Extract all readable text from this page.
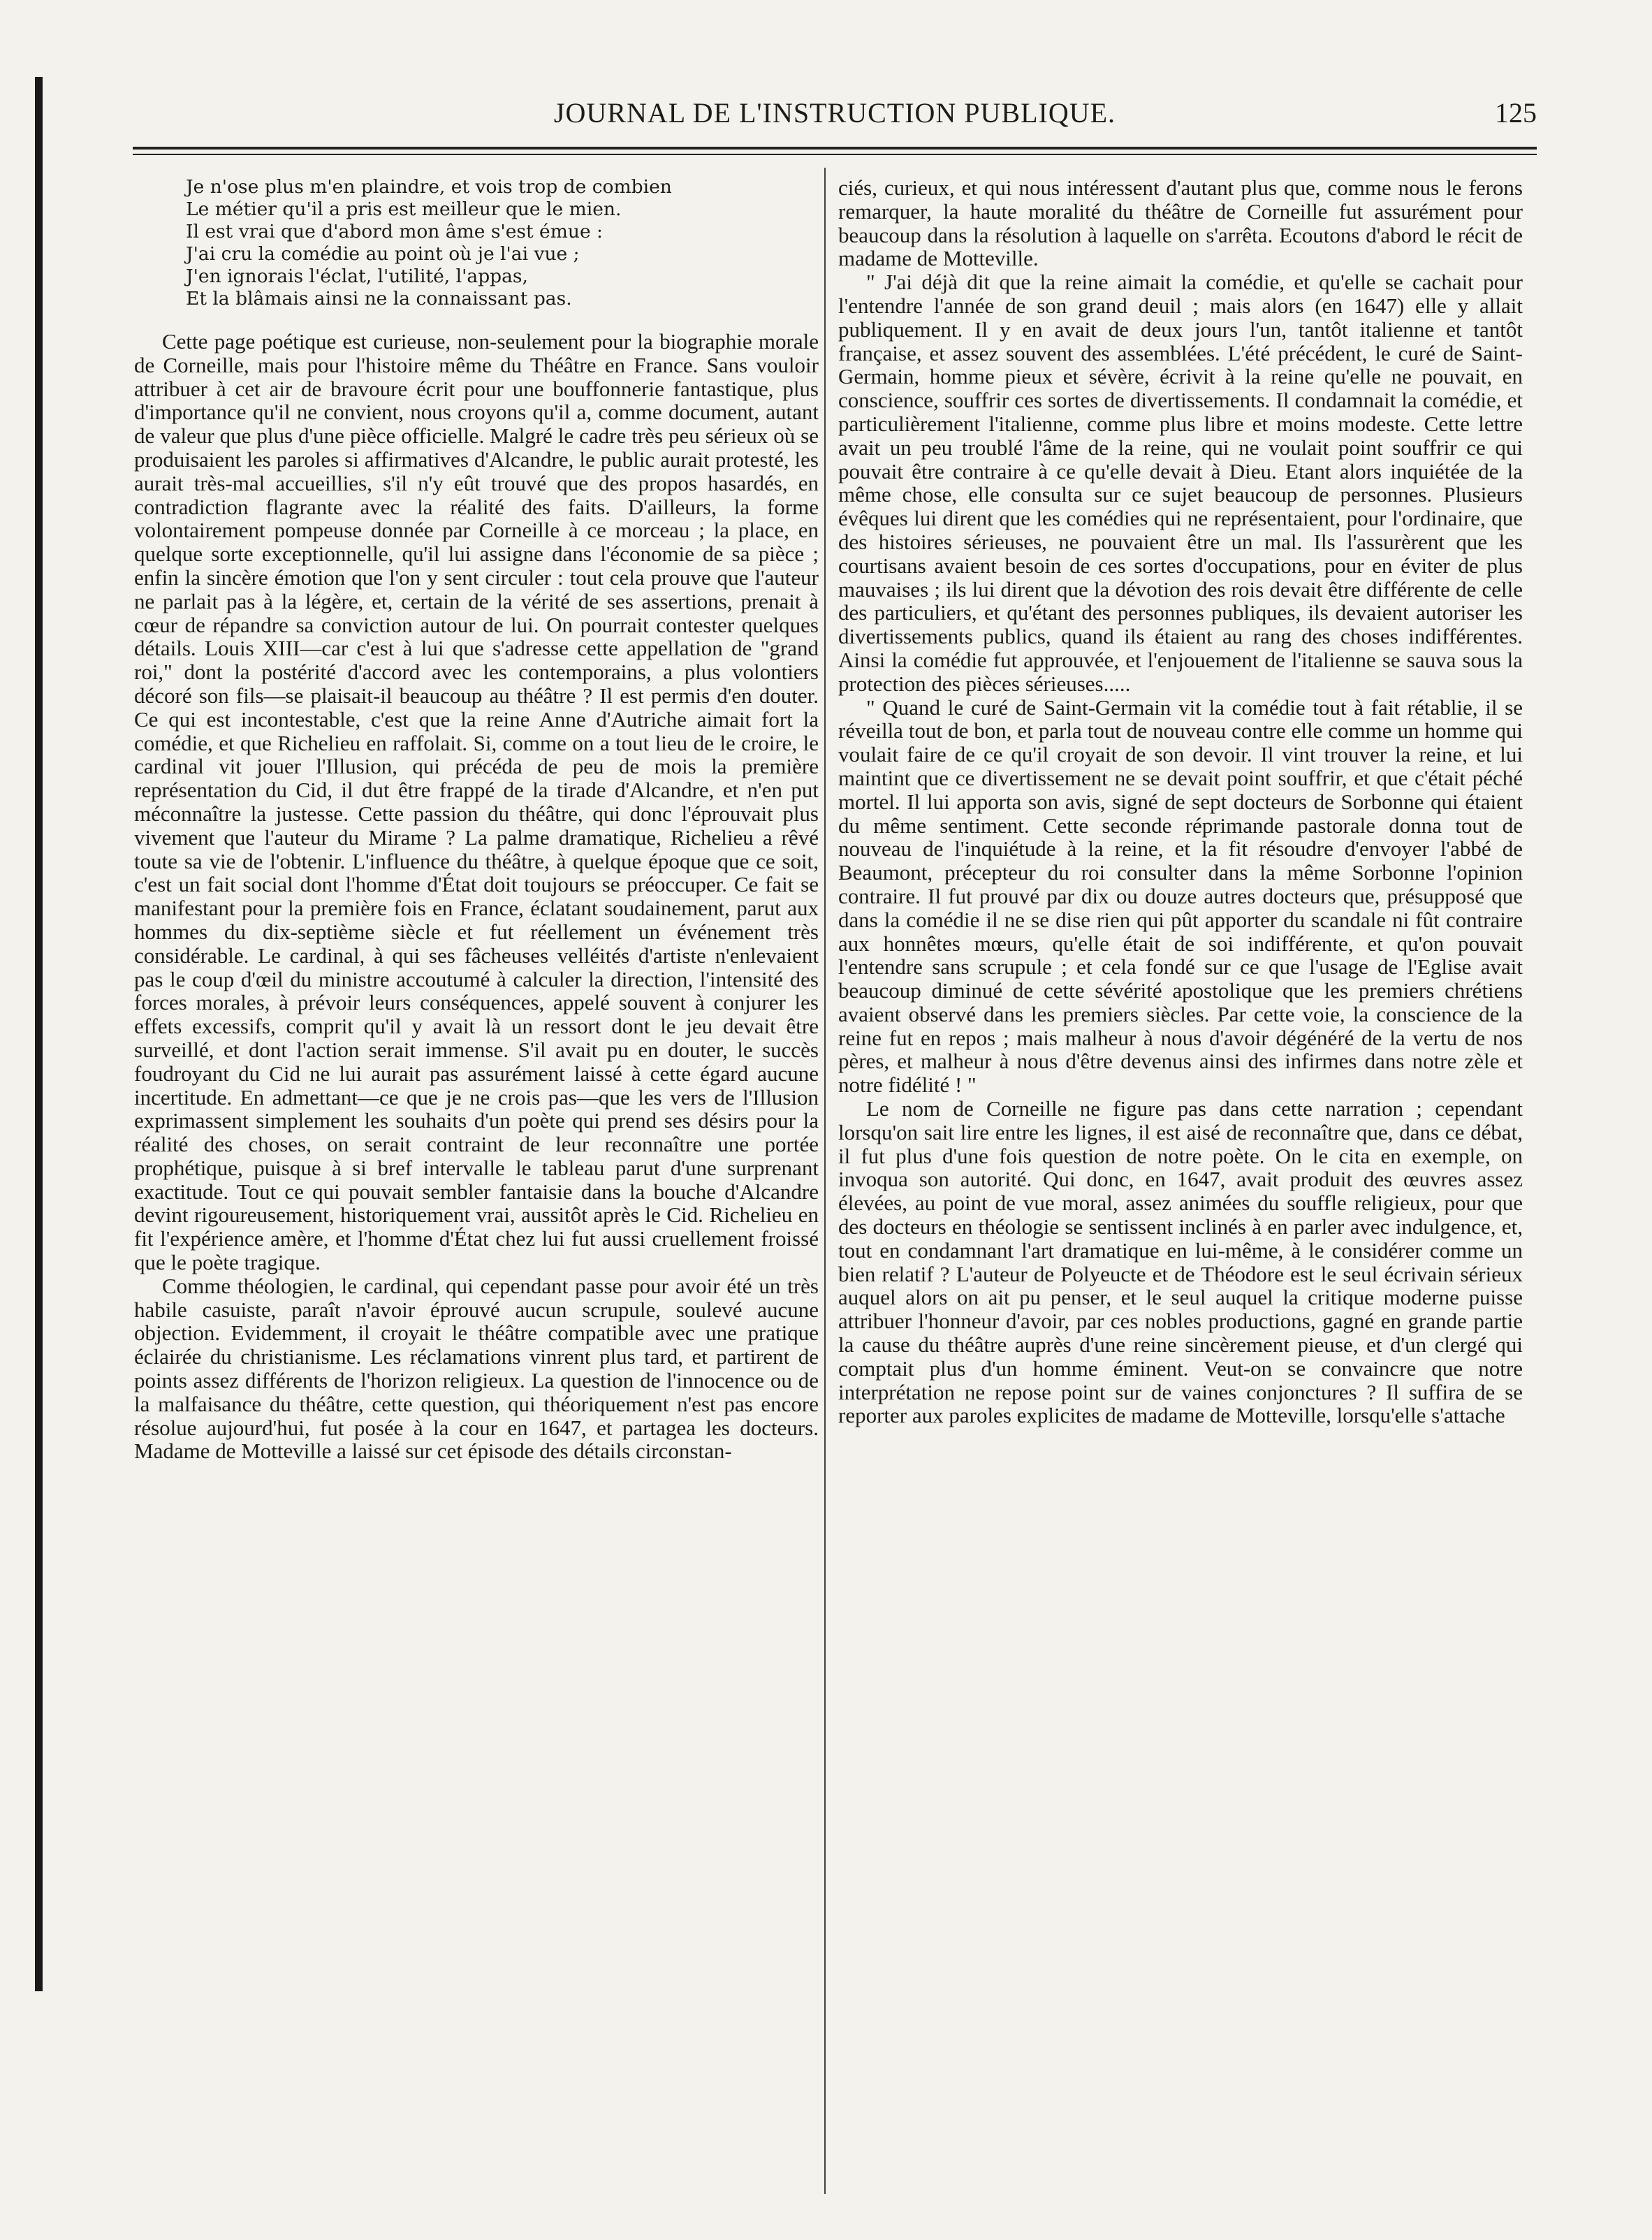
JOURNAL DE L'INSTRUCTION PUBLIQUE.	125
Je n'ose plus m'en plaindre, et vois trop de combien
Le métier qu'il a pris est meilleur que le mien.
Il est vrai que d'abord mon âme s'est émue :
J'ai cru la comédie au point où je l'ai vue ;
J'en ignorais l'éclat, l'utilité, l'appas,
Et la blâmais ainsi ne la connaissant pas.

Cette page poétique est curieuse, non-seulement pour la biographie morale de Corneille, mais pour l'histoire même du Théâtre en France. Sans vouloir attribuer à cet air de bravoure écrit pour une bouffonnerie fantastique, plus d'importance qu'il ne convient, nous croyons qu'il a, comme document, autant de valeur que plus d'une pièce officielle. Malgré le cadre très peu sérieux où se produisaient les paroles si affirmatives d'Alcandre, le public aurait protesté, les aurait très-mal accueillies, s'il n'y eût trouvé que des propos hasardés, en contradiction flagrante avec la réalité des faits. D'ailleurs, la forme volontairement pompeuse donnée par Corneille à ce morceau ; la place, en quelque sorte exceptionnelle, qu'il lui assigne dans l'économie de sa pièce ; enfin la sincère émotion que l'on y sent circuler : tout cela prouve que l'auteur ne parlait pas à la légère, et, certain de la vérité de ses assertions, prenait à cœur de répandre sa conviction autour de lui. On pourrait contester quelques détails. Louis XIII—car c'est à lui que s'adresse cette appellation de "grand roi," dont la postérité d'accord avec les contemporains, a plus volontiers décoré son fils—se plaisait-il beaucoup au théâtre ? Il est permis d'en douter. Ce qui est incontestable, c'est que la reine Anne d'Autriche aimait fort la comédie, et que Richelieu en raffolait. Si, comme on a tout lieu de le croire, le cardinal vit jouer l'Illusion, qui précéda de peu de mois la première représentation du Cid, il dut être frappé de la tirade d'Alcandre, et n'en put méconnaître la justesse. Cette passion du théâtre, qui donc l'éprouvait plus vivement que l'auteur du Mirame ? La palme dramatique, Richelieu a rêvé toute sa vie de l'obtenir. L'influence du théâtre, à quelque époque que ce soit, c'est un fait social dont l'homme d'État doit toujours se préoccuper. Ce fait se manifestant pour la première fois en France, éclatant soudainement, parut aux hommes du dix-septième siècle et fut réellement un événement très considérable. Le cardinal, à qui ses fâcheuses velléités d'artiste n'enlevaient pas le coup d'œil du ministre accoutumé à calculer la direction, l'intensité des forces morales, à prévoir leurs conséquences, appelé souvent à conjurer les effets excessifs, comprit qu'il y avait là un ressort dont le jeu devait être surveillé, et dont l'action serait immense. S'il avait pu en douter, le succès foudroyant du Cid ne lui aurait pas assurément laissé à cette égard aucune incertitude. En admettant—ce que je ne crois pas—que les vers de l'Illusion exprimassent simplement les souhaits d'un poète qui prend ses désirs pour la réalité des choses, on serait contraint de leur reconnaître une portée prophétique, puisque à si bref intervalle le tableau parut d'une surprenant exactitude. Tout ce qui pouvait sembler fantaisie dans la bouche d'Alcandre devint rigoureusement, historiquement vrai, aussitôt après le Cid. Richelieu en fit l'expérience amère, et l'homme d'État chez lui fut aussi cruellement froissé que le poète tragique.

Comme théologien, le cardinal, qui cependant passe pour avoir été un très habile casuiste, paraît n'avoir éprouvé aucun scrupule, soulevé aucune objection. Evidemment, il croyait le théâtre compatible avec une pratique éclairée du christianisme. Les réclamations vinrent plus tard, et partirent de points assez différents de l'horizon religieux. La question de l'innocence ou de la malfaisance du théâtre, cette question, qui théoriquement n'est pas encore résolue aujourd'hui, fut posée à la cour en 1647, et partagea les docteurs. Madame de Motteville a laissé sur cet épisode des détails circonstan-

ciés, curieux, et qui nous intéressent d'autant plus que, comme nous le ferons remarquer, la haute moralité du théâtre de Corneille fut assurément pour beaucoup dans la résolution à laquelle on s'arrêta. Ecoutons d'abord le récit de madame de Motteville.

" J'ai déjà dit que la reine aimait la comédie, et qu'elle se cachait pour l'entendre l'année de son grand deuil ; mais alors (en 1647) elle y allait publiquement. Il y en avait de deux jours l'un, tantôt italienne et tantôt française, et assez souvent des assemblées. L'été précédent, le curé de Saint-Germain, homme pieux et sévère, écrivit à la reine qu'elle ne pouvait, en conscience, souffrir ces sortes de divertissements. Il condamnait la comédie, et particulièrement l'italienne, comme plus libre et moins modeste. Cette lettre avait un peu troublé l'âme de la reine, qui ne voulait point souffrir ce qui pouvait être contraire à ce qu'elle devait à Dieu. Etant alors inquiétée de la même chose, elle consulta sur ce sujet beaucoup de personnes. Plusieurs évêques lui dirent que les comédies qui ne représentaient, pour l'ordinaire, que des histoires sérieuses, ne pouvaient être un mal. Ils l'assurèrent que les courtisans avaient besoin de ces sortes d'occupations, pour en éviter de plus mauvaises ; ils lui dirent que la dévotion des rois devait être différente de celle des particuliers, et qu'étant des personnes publiques, ils devaient autoriser les divertissements publics, quand ils étaient au rang des choses indifférentes. Ainsi la comédie fut approuvée, et l'enjouement de l'italienne se sauva sous la protection des pièces sérieuses.....

" Quand le curé de Saint-Germain vit la comédie tout à fait rétablie, il se réveilla tout de bon, et parla tout de nouveau contre elle comme un homme qui voulait faire de ce qu'il croyait de son devoir. Il vint trouver la reine, et lui maintint que ce divertissement ne se devait point souffrir, et que c'était péché mortel. Il lui apporta son avis, signé de sept docteurs de Sorbonne qui étaient du même sentiment. Cette seconde réprimande pastorale donna tout de nouveau de l'inquiétude à la reine, et la fit résoudre d'envoyer l'abbé de Beaumont, précepteur du roi consulter dans la même Sorbonne l'opinion contraire. Il fut prouvé par dix ou douze autres docteurs que, présupposé que dans la comédie il ne se dise rien qui pût apporter du scandale ni fût contraire aux honnêtes mœurs, qu'elle était de soi indifférente, et qu'on pouvait l'entendre sans scrupule ; et cela fondé sur ce que l'usage de l'Eglise avait beaucoup diminué de cette sévérité apostolique que les premiers chrétiens avaient observé dans les premiers siècles. Par cette voie, la conscience de la reine fut en repos ; mais malheur à nous d'avoir dégénéré de la vertu de nos pères, et malheur à nous d'être devenus ainsi des infirmes dans notre zèle et notre fidélité ! "

Le nom de Corneille ne figure pas dans cette narration ; cependant lorsqu'on sait lire entre les lignes, il est aisé de reconnaître que, dans ce débat, il fut plus d'une fois question de notre poète. On le cita en exemple, on invoqua son autorité. Qui donc, en 1647, avait produit des œuvres assez élevées, au point de vue moral, assez animées du souffle religieux, pour que des docteurs en théologie se sentissent inclinés à en parler avec indulgence, et, tout en condamnant l'art dramatique en lui-même, à le considérer comme un bien relatif ? L'auteur de Polyeucte et de Théodore est le seul écrivain sérieux auquel alors on ait pu penser, et le seul auquel la critique moderne puisse attribuer l'honneur d'avoir, par ces nobles productions, gagné en grande partie la cause du théâtre auprès d'une reine sincèrement pieuse, et d'un clergé qui comptait plus d'un homme éminent. Veut-on se convaincre que notre interprétation ne repose point sur de vaines conjonctures ? Il suffira de se reporter aux paroles explicites de madame de Motteville, lorsqu'elle s'attache
